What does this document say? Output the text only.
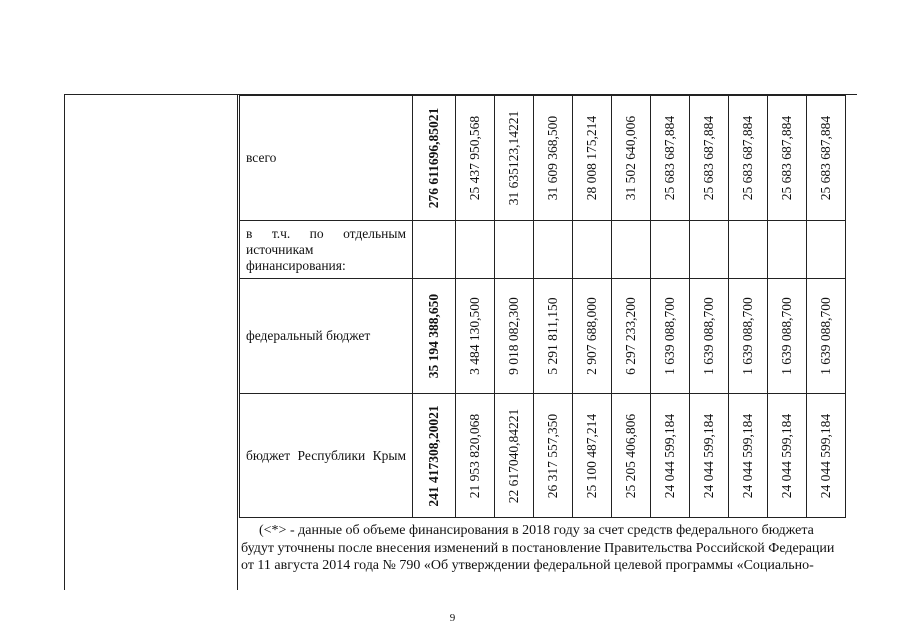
всего	276 611696,85021	25 437 950,568	31 635123,14221	31 609 368,500	28 008 175,214	31 502 640,006	25 683 687,884	25 683 687,884	25 683 687,884	25 683 687,884	25 683 687,884

в т.ч. по отдельным источникам финансирования:	

федеральный бюджет	35 194 388,650	3 484 130,500	9 018 082,300	5 291 811,150	2 907 688,000	6 297 233,200	1 639 088,700	1 639 088,700	1 639 088,700	1 639 088,700	1 639 088,700

бюджет Республики Крым	241 417308,20021	21 953 820,068	22 617040,84221	26 317 557,350	25 100 487,214	25 205 406,806	24 044 599,184	24 044 599,184	24 044 599,184	24 044 599,184	24 044 599,184

(<*> - данные об объеме финансирования в 2018 году за счет средств федерального бюджета

будут уточнены после внесения изменений в постановление Правительства Российской Федерации

от 11 августа 2014 года № 790 «Об утверждении федеральной целевой программы «Социально-

9
